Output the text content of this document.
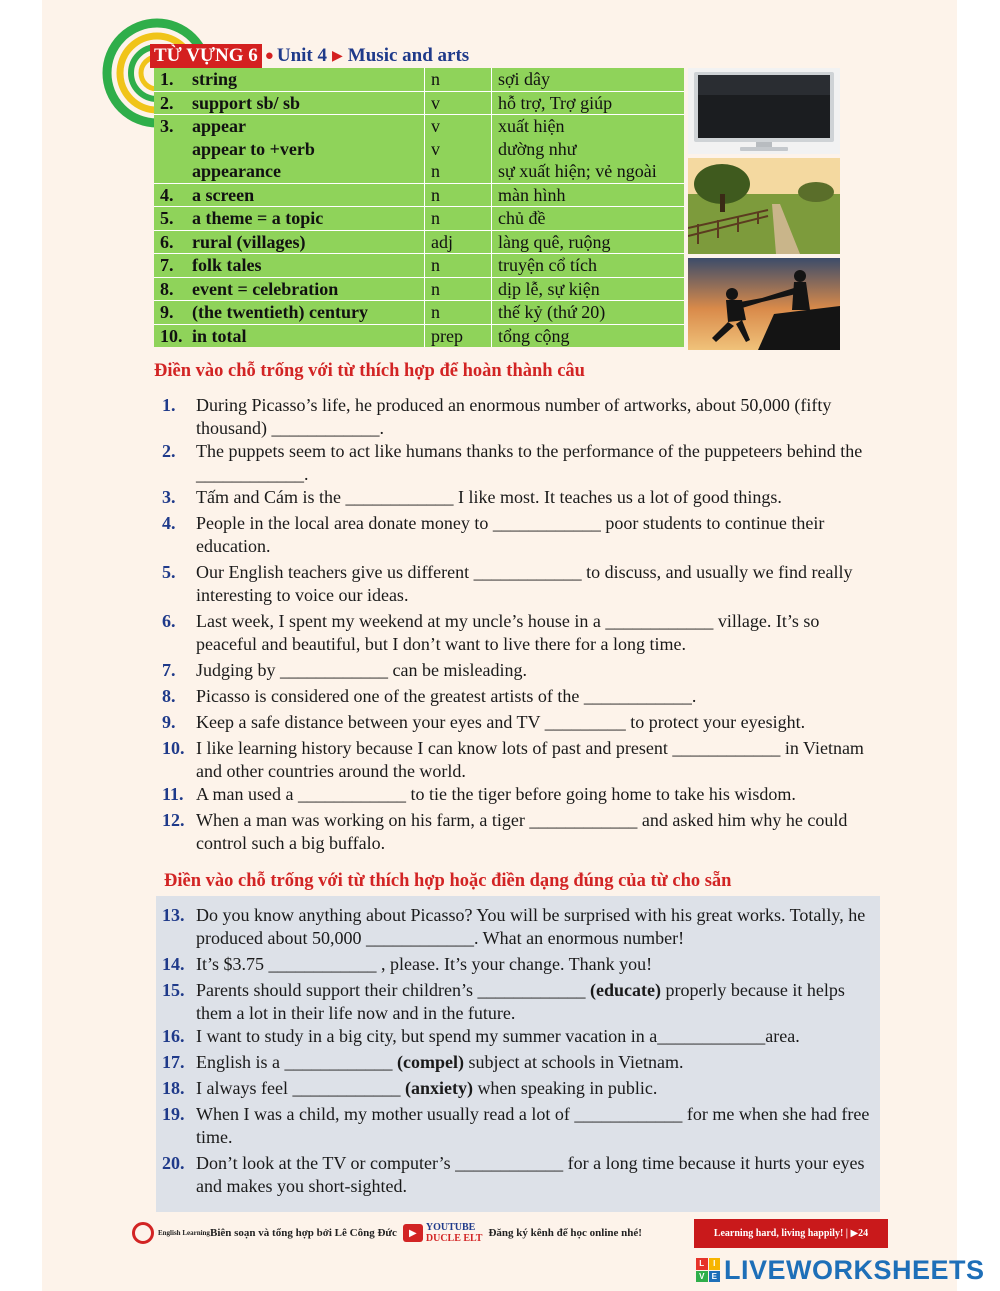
TỪ VỰNG 6 ● Unit 4 ▶ Music and arts
1. string	n	sợi dây
2. support sb/ sb	v	hỗ trợ, Trợ giúp
3. appear	v	xuất hiện
appear to +verb	v	dường như
appearance	n	sự xuất hiện; vẻ ngoài
4. a screen	n	màn hình
5. a theme = a topic	n	chủ đề
6. rural (villages)	adj	làng quê, ruộng
7. folk tales	n	truyện cổ tích
8. event = celebration	n	dịp lễ, sự kiện
9. (the twentieth) century	n	thế kỷ (thứ 20)
10. in total	prep	tổng cộng
Điền vào chỗ trống với từ thích hợp để hoàn thành câu
1.	During Picasso’s life, he produced an enormous number of artworks, about 50,000 (fifty thousand) ____________.
2.	The puppets seem to act like humans thanks to the performance of the puppeteers behind the ____________.
3.	Tấm and Cám is the ____________ I like most. It teaches us a lot of good things.
4.	People in the local area donate money to ____________ poor students to continue their education.
5.	Our English teachers give us different ____________ to discuss, and usually we find really interesting to voice our ideas.
6.	Last week, I spent my weekend at my uncle’s house in a ____________ village. It’s so peaceful and beautiful, but I don’t want to live there for a long time.
7.	Judging by ____________ can be misleading.
8.	Picasso is considered one of the greatest artists of the ____________.
9.	Keep a safe distance between your eyes and TV _________ to protect your eyesight.
10. I like learning history because I can know lots of past and present ____________ in Vietnam and other countries around the world.
11. A man used a ____________ to tie the tiger before going home to take his wisdom.
12. When a man was working on his farm, a tiger ____________ and asked him why he could control such a big buffalo.
Điền vào chỗ trống với từ thích hợp hoặc điền dạng đúng của từ cho sẵn
13. Do you know anything about Picasso? You will be surprised with his great works. Totally, he produced about 50,000 ____________. What an enormous number!
14. It’s $3.75 ____________ , please. It’s your change. Thank you!
15. Parents should support their children’s ____________ (educate) properly because it helps them a lot in their life now and in the future.
16. I want to study in a big city, but spend my summer vacation in a____________area.
17. English is a ____________ (compel) subject at schools in Vietnam.
18. I always feel ____________ (anxiety) when speaking in public.
19. When I was a child, my mother usually read a lot of ____________ for me when she had free time.
20. Don’t look at the TV or computer’s ____________ for a long time because it hurts your eyes and makes you short-sighted.
English Learning Biên soạn và tổng hợp bởi Lê Công Đức	▶ YOUTUBE
DUCLE ELT Đăng ký kênh để học online nhé!	Learning hard, living happily! | ▶24
L	I
V E LIVEWORKSHEETS
